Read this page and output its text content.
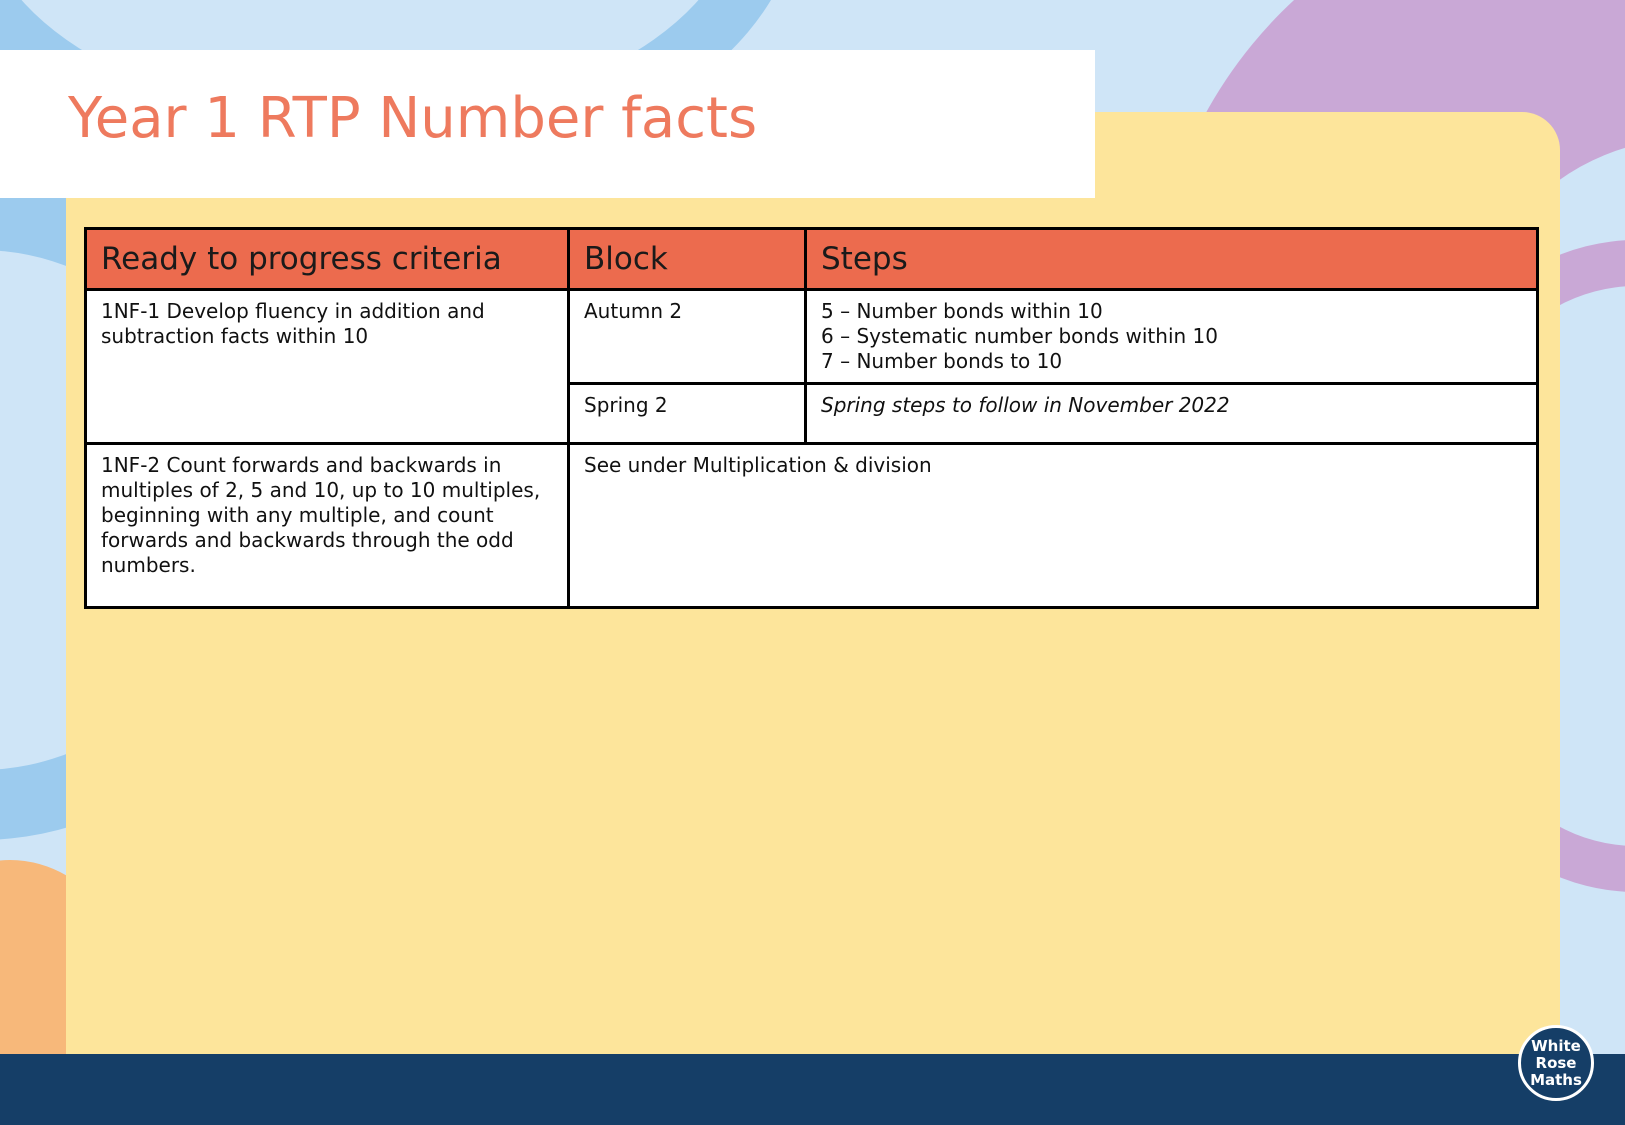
Year 1 RTP Number facts
Ready to progress criteria	Block	Steps
1NF-1 Develop fluency in addition and subtraction facts within 10	Autumn 2	5 – Number bonds within 10
6 – Systematic number bonds within 10
7 – Number bonds to 10

	Spring 2	Spring steps to follow in November 2022
1NF-2 Count forwards and backwards in multiples of 2, 5 and 10, up to 10 multiples, beginning with any multiple, and count forwards and backwards through the odd numbers.	See under Multiplication & division	
White
Rose
Maths
